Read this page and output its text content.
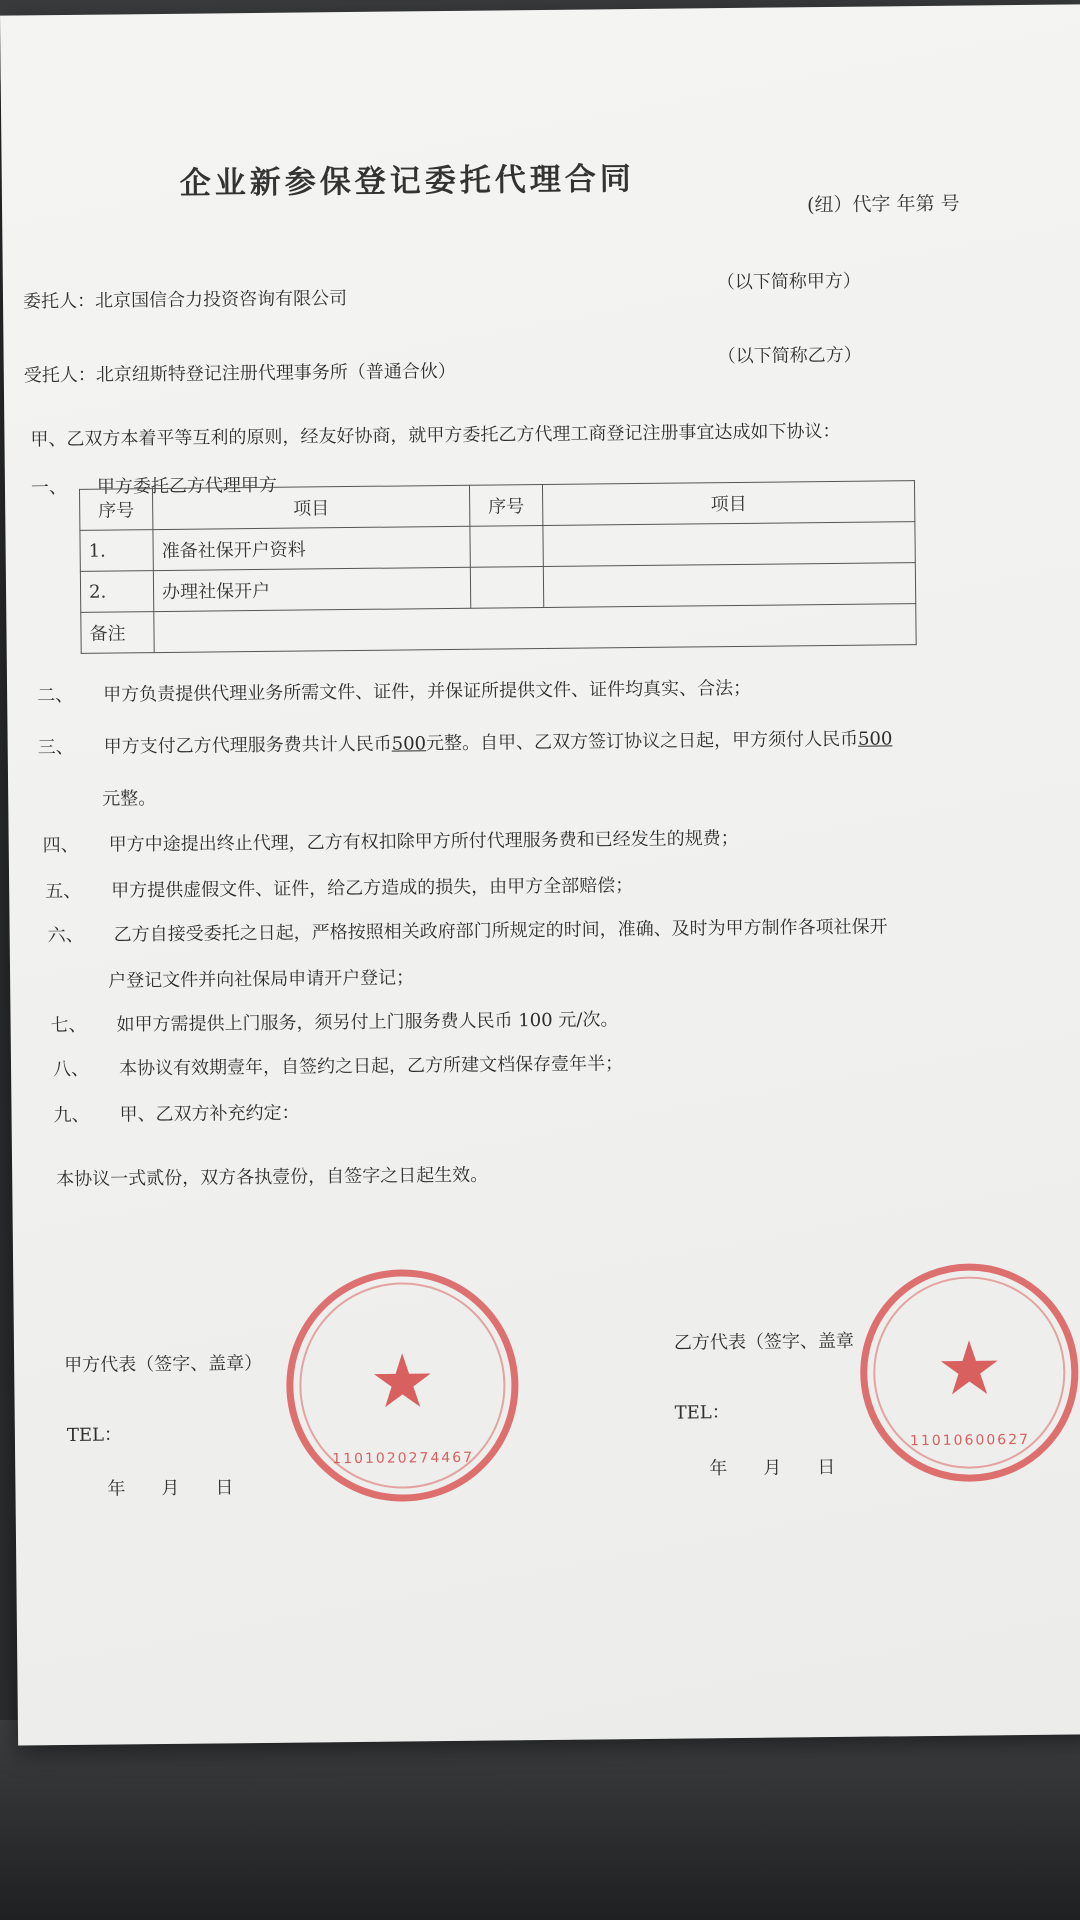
企业新参保登记委托代理合同
(纽）代字 年第 号
委托人：北京国信合力投资咨询有限公司
（以下简称甲方）
受托人：北京纽斯特登记注册代理事务所（普通合伙）
（以下简称乙方）
甲、乙双方本着平等互利的原则，经友好协商，就甲方委托乙方代理工商登记注册事宜达成如下协议：
一、 甲方委托乙方代理甲方
序号	项目	序号	项目
1.	准备社保开户资料		
2.	办理社保开户		
备注			
二、 甲方负责提供代理业务所需文件、证件，并保证所提供文件、证件均真实、合法；
三、 甲方支付乙方代理服务费共计人民币500元整。自甲、乙双方签订协议之日起，甲方须付人民币500
元整。
四、 甲方中途提出终止代理，乙方有权扣除甲方所付代理服务费和已经发生的规费；
五、 甲方提供虚假文件、证件，给乙方造成的损失，由甲方全部赔偿；
六、 乙方自接受委托之日起，严格按照相关政府部门所规定的时间，准确、及时为甲方制作各项社保开
户登记文件并向社保局申请开户登记；
七、 如甲方需提供上门服务，须另付上门服务费人民币 100 元/次。
八、 本协议有效期壹年，自签约之日起，乙方所建文档保存壹年半；
九、 甲、乙双方补充约定：
本协议一式贰份，双方各执壹份，自签字之日起生效。
甲方代表（签字、盖章）
TEL：
年　　月　　日
★
1101020274467
乙方代表（签字、盖章
TEL：
年　　月　　日
★
11010600627
